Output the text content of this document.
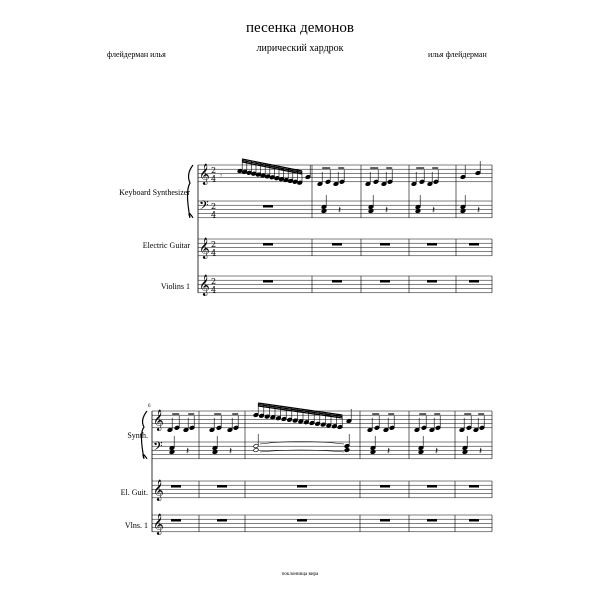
песенка демонов
лирический хардрок
флейдерман илья	илья флейдерман
Keyboard Synthesizer
Electric Guitar
Violins 1
Synth.
El. Guit.
Vlns. 1
𝄞
𝄢
𝄞
𝄞
2
4
2
4
2
4
2
4
𝄾
𝄽	𝄽	𝄽	𝄽
𝄞
𝄢
𝄞
𝄞
𝄽	𝄽	𝄽	𝄽	𝄽
6
поклонница вира
